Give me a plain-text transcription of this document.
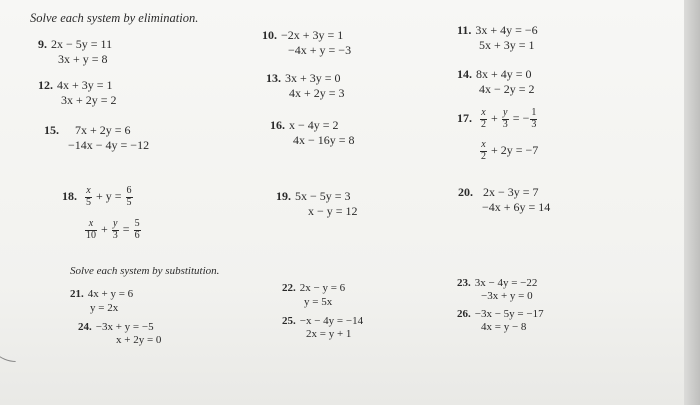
Solve each system by elimination.
9. 2x − 5y = 11
3x + y = 8
10. −2x + 3y = 1
−4x + y = −3
11. 3x + 4y = −6
5x + 3y = 1
12. 4x + 3y = 1
3x + 2y = 2
13. 3x + 3y = 0
4x + 2y = 3
14. 8x + 4y = 0
4x − 2y = 2
15. 7x + 2y = 6
−14x − 4y = −12
16. x − 4y = 2
4x − 16y = 8
17. $\frac{x}{2} + \frac{y}{3}$ = − $\frac{1}{3}$
$\frac{x}{2} + 2y = -7$
18. $\frac{x}{5} + y = \frac{6}{5}$
$\frac{x}{10} + \frac{y}{3} = \frac{5}{6}$
19. 5x − 5y = 3
x − y = 12
20. 2x − 3y = 7
−4x + 6y = 14
Solve each system by substitution.
21. 4x + y = 6
y = 2x
22. 2x − y = 6
y = 5x
23. 3x − 4y = −22
−3x + y = 0
24. −3x + y = −5
x + 2y = 0
25. −x − 4y = −14
2x = y + 1
26. −3x − 5y = −17
4x = y − 8
